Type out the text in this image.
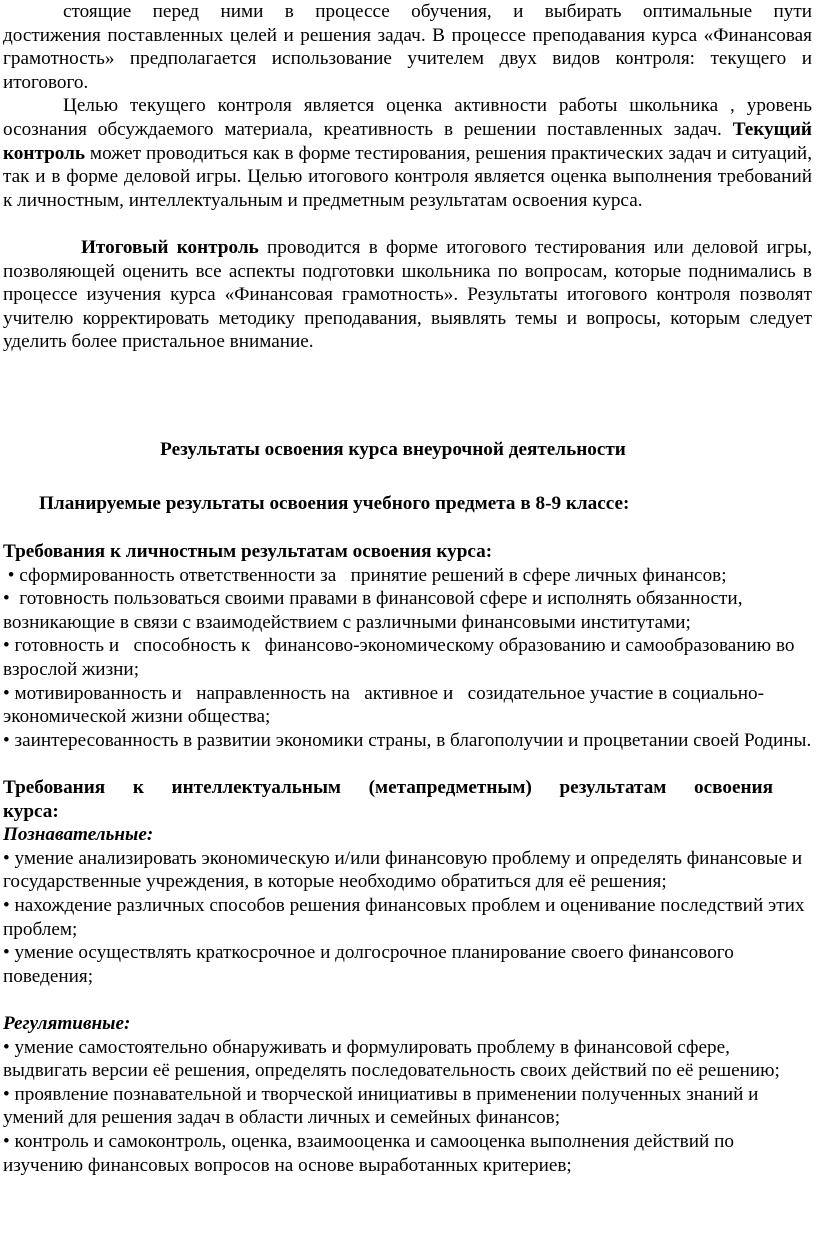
стоящие перед ними в процессе обучения, и выбирать оптимальные пути

достижения поставленных целей и решения задач. В процессе преподавания курса «Финансовая грамотность» предполагается использование учителем двух видов контроля: текущего и итогового.

Целью текущего контроля является оценка активности работы школьника , уровень осознания обсуждаемого материала, креативность в решении поставленных задач. Текущий контроль может проводиться как в форме тестирования, решения практических задач и ситуаций, так и в форме деловой игры. Целью итогового контроля является оценка выполнения требований к личностным, интеллектуальным и предметным результатам освоения курса.
Итоговый контроль проводится в форме итогового тестирования или деловой игры, позволяющей оценить все аспекты подготовки школьника по вопросам, которые поднимались в процессе изучения курса «Финансовая грамотность». Результаты итогового контроля позволят учителю корректировать методику преподавания, выявлять темы и вопросы, которым следует уделить более пристальное внимание.

Результаты освоения курса внеурочной деятельности

Планируемые результаты освоения учебного предмета в 8-9 классе:

Требования к личностным результатам освоения курса:

• сформированность ответственности за   принятие решений в сфере личных финансов;

•  готовность пользоваться своими правами в финансовой сфере и исполнять обязанности, возникающие в связи с взаимодействием с различными финансовыми институтами;

• готовность и   способность к   финансово-экономическому образованию и самообразованию во взрослой жизни;

• мотивированность и   направленность на   активное и   созидательное участие в социально-экономической жизни общества;

• заинтересованность в развитии экономики страны, в благополучии и процветании своей Родины.

Требования к интеллектуальным (метапредметным) результатам освоения

курса:

Познавательные:

• умение анализировать экономическую и/или финансовую проблему и определять финансовые и государственные учреждения, в которые необходимо обратиться для её решения;

• нахождение различных способов решения финансовых проблем и оценивание последствий этих проблем;

• умение осуществлять краткосрочное и долгосрочное планирование своего финансового поведения;

Регулятивные:

• умение самостоятельно обнаруживать и формулировать проблему в финансовой сфере, выдвигать версии её решения, определять последовательность своих действий по её решению;

• проявление познавательной и творческой инициативы в применении полученных знаний и умений для решения задач в области личных и семейных финансов;

• контроль и самоконтроль, оценка, взаимооценка и самооценка выполнения действий по изучению финансовых вопросов на основе выработанных критериев;
